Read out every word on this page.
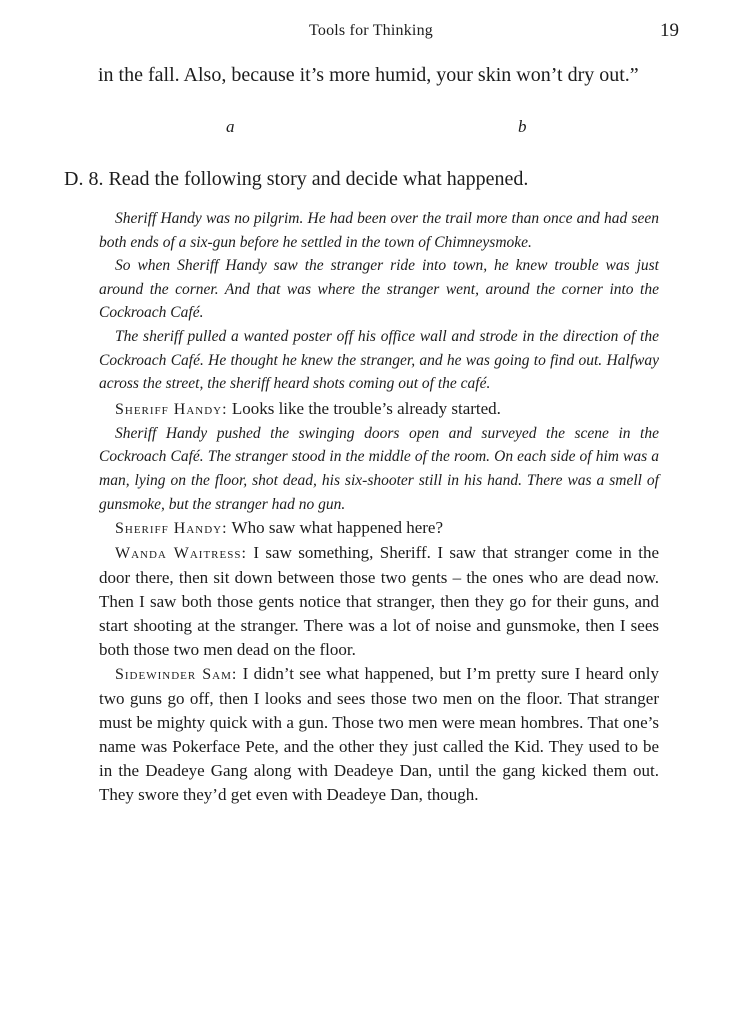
Tools for Thinking	19
in the fall. Also, because it’s more humid, your skin won’t dry out.”
a	b
D. 8. Read the following story and decide what happened.

Sheriff Handy was no pilgrim. He had been over the trail more than once and had seen both ends of a six-gun before he settled in the town of Chimneysmoke.

So when Sheriff Handy saw the stranger ride into town, he knew trouble was just around the corner. And that was where the stranger went, around the corner into the Cockroach Café.

The sheriff pulled a wanted poster off his office wall and strode in the direction of the Cockroach Café. He thought he knew the stranger, and he was going to find out. Halfway across the street, the sheriff heard shots coming out of the café.

Sheriff Handy: Looks like the trouble’s already started.

Sheriff Handy pushed the swinging doors open and surveyed the scene in the Cockroach Café. The stranger stood in the middle of the room. On each side of him was a man, lying on the floor, shot dead, his six-shooter still in his hand. There was a smell of gunsmoke, but the stranger had no gun.

Sheriff Handy: Who saw what happened here?

Wanda Waitress: I saw something, Sheriff. I saw that stranger come in the door there, then sit down between those two gents – the ones who are dead now. Then I saw both those gents notice that stranger, then they go for their guns, and start shooting at the stranger. There was a lot of noise and gunsmoke, then I sees both those two men dead on the floor.

Sidewinder Sam: I didn’t see what happened, but I’m pretty sure I heard only two guns go off, then I looks and sees those two men on the floor. That stranger must be mighty quick with a gun. Those two men were mean hombres. That one’s name was Pokerface Pete, and the other they just called the Kid. They used to be in the Deadeye Gang along with Deadeye Dan, until the gang kicked them out. They swore they’d get even with Deadeye Dan, though.
